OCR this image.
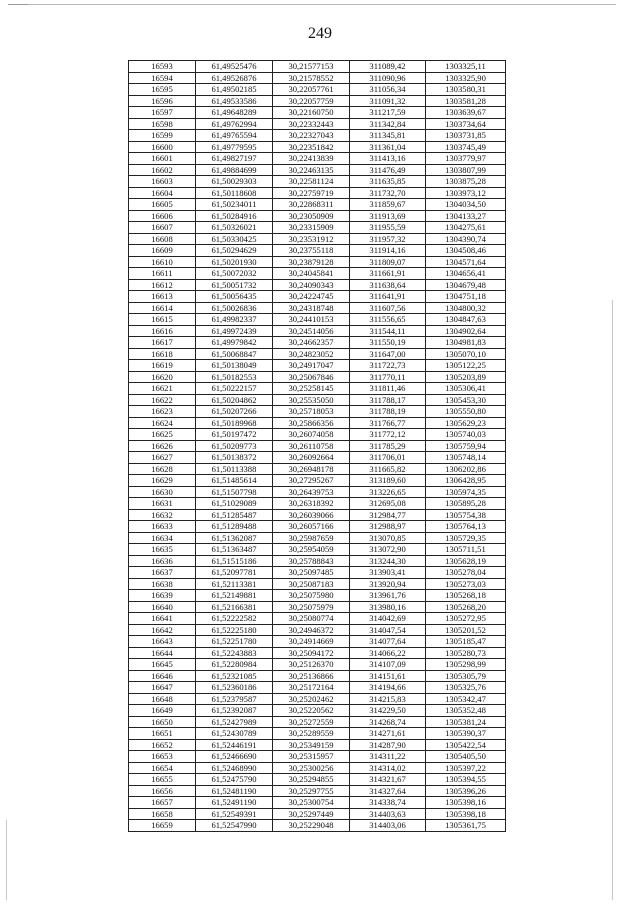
249
16593	61,49525476	30,21577153	311089,42	1303325,11
16594	61,49526876	30,21578552	311090,96	1303325,90
16595	61,49502185	30,22057761	311056,34	1303580,31
16596	61,49533586	30,22057759	311091,32	1303581,28
16597	61,49648289	30,22160750	311217,59	1303639,67
16598	61,49762994	30,22332443	311342,84	1303734,64
16599	61,49765594	30,22327043	311345,81	1303731,85
16600	61,49779595	30,22351842	311361,04	1303745,49
16601	61,49827197	30,22413839	311413,16	1303779,97
16602	61,49884699	30,22463135	311476,49	1303807,99
16603	61,50029303	30,22581124	311635,85	1303875,28
16604	61,50118608	30,22759719	311732,70	1303973,12
16605	61,50234011	30,22868311	311859,67	1304034,50
16606	61,50284916	30,23050909	311913,69	1304133,27
16607	61,50326021	30,23315909	311955,59	1304275,61
16608	61,50330425	30,23531912	311957,32	1304390,74
16609	61,50294629	30,23755118	311914,16	1304508,46
16610	61,50201930	30,23879128	311809,07	1304571,64
16611	61,50072032	30,24045841	311661,91	1304656,41
16612	61,50051732	30,24090343	311638,64	1304679,48
16613	61,50056435	30,24224745	311641,91	1304751,18
16614	61,50026836	30,24318748	311607,56	1304800,32
16615	61,49982337	30,24410153	311556,65	1304847,63
16616	61,49972439	30,24514056	311544,11	1304902,64
16617	61,49979842	30,24662357	311550,19	1304981,83
16618	61,50068847	30,24823052	311647,00	1305070,10
16619	61,50138049	30,24917047	311722,73	1305122,25
16620	61,50182553	30,25067846	311770,11	1305203,89
16621	61,50222157	30,25258145	311811,46	1305306,41
16622	61,50204862	30,25535050	311788,17	1305453,30
16623	61,50207266	30,25718053	311788,19	1305550,80
16624	61,50189968	30,25866356	311766,77	1305629,23
16625	61,50197472	30,26074058	311772,12	1305740,03
16626	61,50209773	30,26110758	311785,29	1305759,94
16627	61,50138372	30,26092664	311706,01	1305748,14
16628	61,50113388	30,26948178	311665,82	1306202,86
16629	61,51485614	30,27295267	313189,60	1306428,95
16630	61,51507798	30,26439753	313226,65	1305974,35
16631	61,51029089	30,26318392	312695,08	1305895,28
16632	61,51285487	30,26039066	312984,77	1305754,38
16633	61,51289488	30,26057166	312988,97	1305764,13
16634	61,51362087	30,25987659	313070,85	1305729,35
16635	61,51363487	30,25954059	313072,90	1305711,51
16636	61,51515186	30,25788843	313244,30	1305628,19
16637	61,52097781	30,25097485	313903,41	1305278,04
16638	61,52113381	30,25087183	313920,94	1305273,03
16639	61,52149881	30,25075980	313961,76	1305268,18
16640	61,52166381	30,25075979	313980,16	1305268,20
16641	61,52222582	30,25080774	314042,69	1305272,95
16642	61,52225180	30,24946372	314047,54	1305201,52
16643	61,52251780	30,24914669	314077,64	1305185,47
16644	61,52243883	30,25094172	314066,22	1305280,73
16645	61,52280984	30,25126370	314107,09	1305298,99
16646	61,52321085	30,25136866	314151,61	1305305,79
16647	61,52360186	30,25172164	314194,66	1305325,76
16648	61,52379587	30,25202462	314215,83	1305342,47
16649	61,52392087	30,25220562	314229,50	1305352,48
16650	61,52427989	30,25272559	314268,74	1305381,24
16651	61,52430789	30,25289559	314271,61	1305390,37
16652	61,52446191	30,25349159	314287,90	1305422,54
16653	61,52466690	30,25315957	314311,22	1305405,50
16654	61,52468990	30,25300256	314314,02	1305397,22
16655	61,52475790	30,25294855	314321,67	1305394,55
16656	61,52481190	30,25297755	314327,64	1305396,26
16657	61,52491190	30,25300754	314338,74	1305398,16
16658	61,52549391	30,25297449	314403,63	1305398,18
16659	61,52547990	30,25229048	314403,06	1305361,75
